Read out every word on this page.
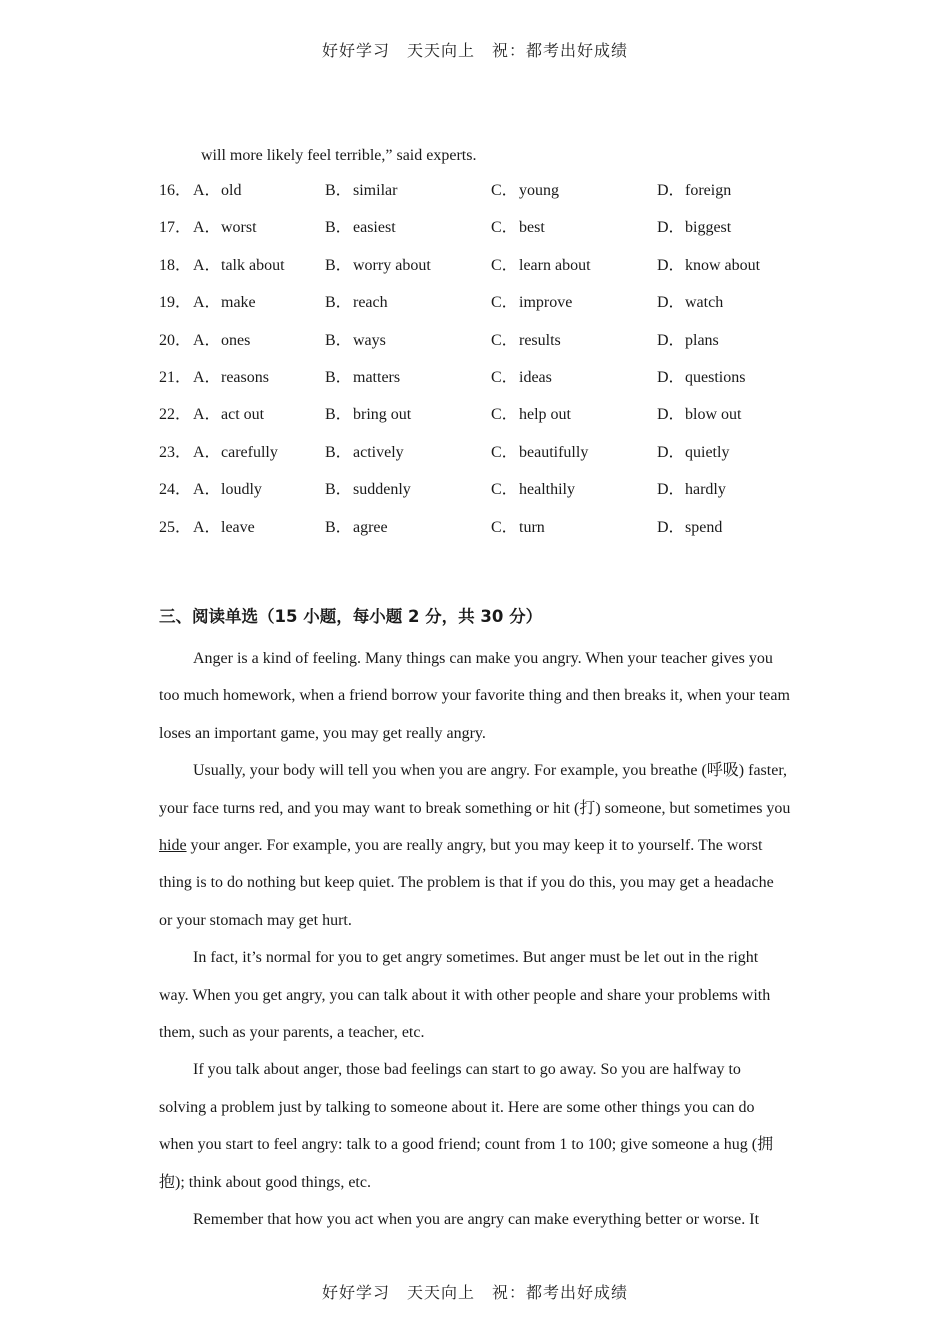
好好学习　天天向上　祝：都考出好成绩
will more likely feel terrible,” said experts.
16． A． old	B． similar	C． young	D． foreign
17． A． worst	B． easiest	C． best	D． biggest
18． A． talk about	B． worry about	C． learn about	D． know about
19． A． make	B． reach	C． improve	D． watch
20． A． ones	B． ways	C． results	D． plans
21． A． reasons	B． matters	C． ideas	D． questions
22． A． act out	B． bring out	C． help out	D． blow out
23． A． carefully	B． actively	C． beautifully	D． quietly
24． A． loudly	B． suddenly	C． healthily	D． hardly
25． A． leave	B． agree	C． turn	D． spend
三、阅读单选（15 小题，每小题 2 分，共 30 分）

Anger is a kind of feeling. Many things can make you angry. When your teacher gives you too much homework, when a friend borrow your favorite thing and then breaks it, when your team loses an important game, you may get really angry.

Usually, your body will tell you when you are angry. For example, you breathe (呼吸) faster, your face turns red, and you may want to break something or hit (打) someone, but sometimes you hide your anger. For example, you are really angry, but you may keep it to yourself. The worst thing is to do nothing but keep quiet. The problem is that if you do this, you may get a headache or your stomach may get hurt.

In fact, it’s normal for you to get angry sometimes. But anger must be let out in the right way. When you get angry, you can talk about it with other people and share your problems with them, such as your parents, a teacher, etc.

If you talk about anger, those bad feelings can start to go away. So you are halfway to solving a problem just by talking to someone about it. Here are some other things you can do when you start to feel angry: talk to a good friend; count from 1 to 100; give someone a hug (拥抱); think about good things, etc.

Remember that how you act when you are angry can make everything better or worse. It

好好学习　天天向上　祝：都考出好成绩
